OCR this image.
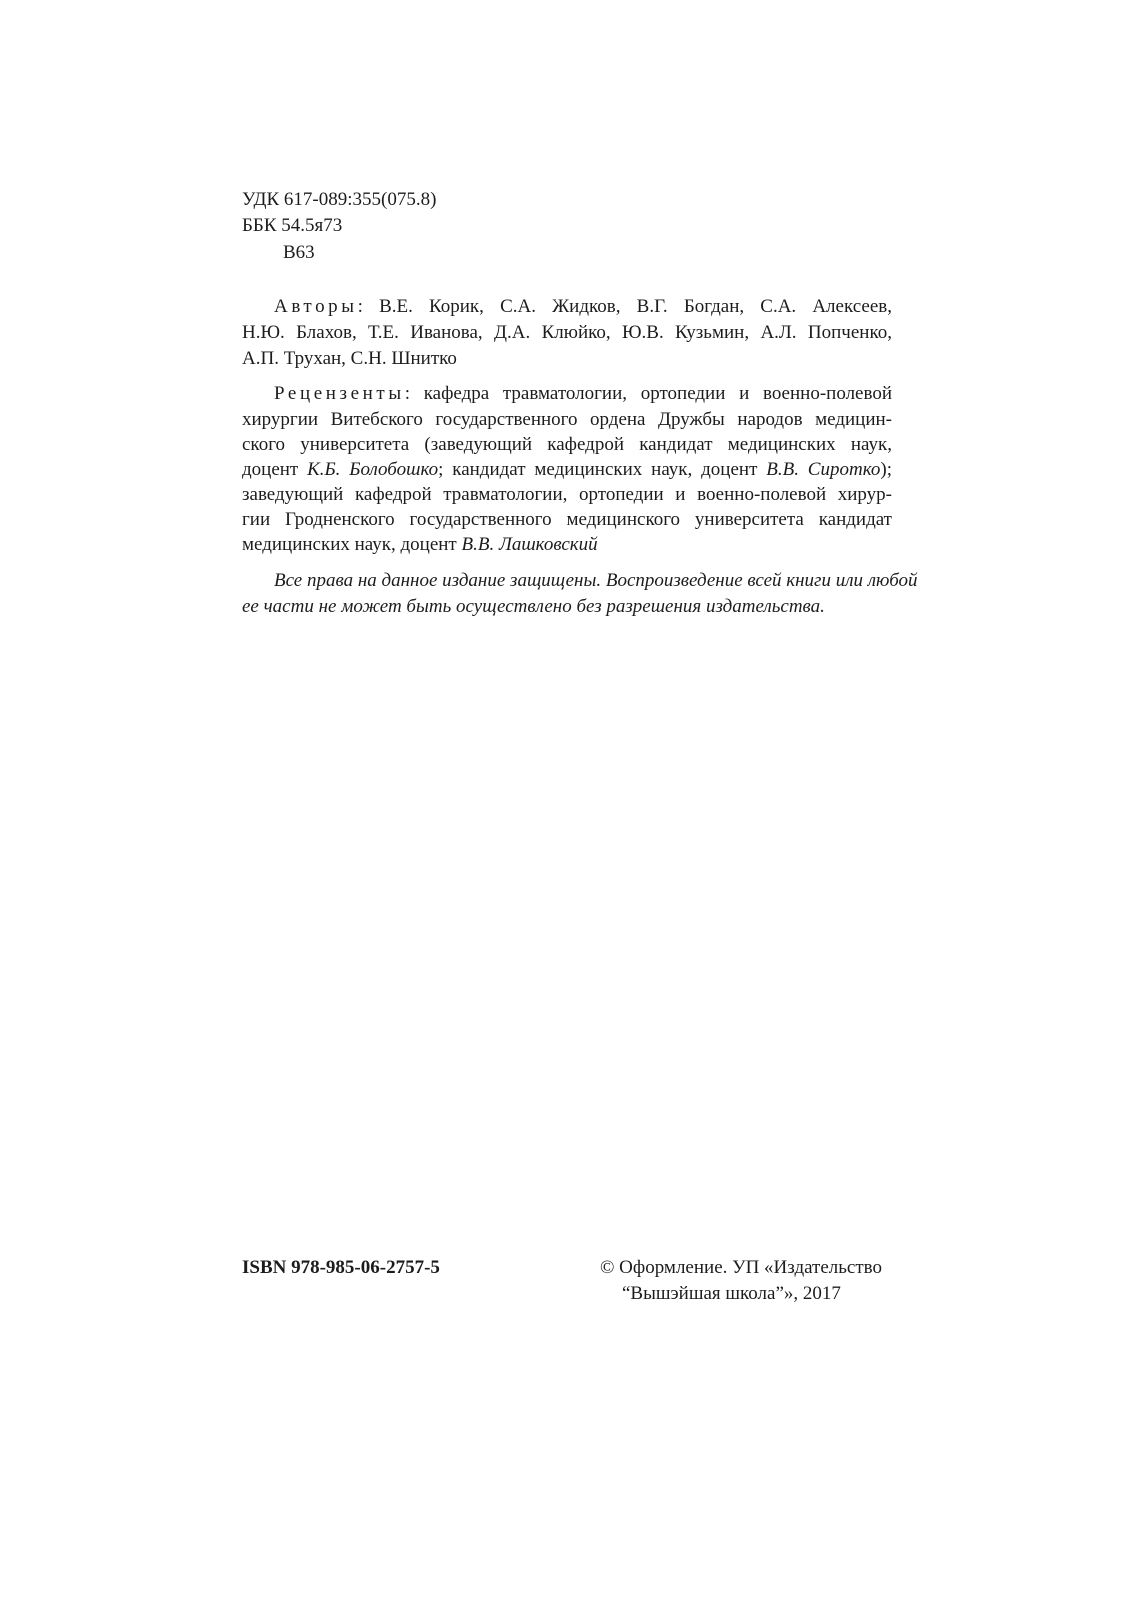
УДК 617-089:355(075.8)
ББК 54.5я73
В63
Авторы: В.Е. Корик, С.А. Жидков, В.Г. Богдан, С.А. Алексеев,
Н.Ю. Блахов, Т.Е. Иванова, Д.А. Клюйко, Ю.В. Кузьмин, А.Л. Попченко,
А.П. Трухан, С.Н. Шнитко
Рецензенты: кафедра травматологии, ортопедии и военно-полевой
хирургии Витебского государственного ордена Дружбы народов медицин-
ского университета (заведующий кафедрой кандидат медицинских наук,
доцент К.Б. Болобошко; кандидат медицинских наук, доцент В.В. Сиротко);
заведующий кафедрой травматологии, ортопедии и военно-полевой хирур-
гии Гродненского государственного медицинского университета кандидат
медицинских наук, доцент В.В. Лашковский
Все права на данное издание защищены. Воспроизведение всей книги или любой
ее части не может быть осуществлено без разрешения издательства.
ISBN 978-985-06-2757-5	© Оформление. УП «Издательство
“Вышэйшая школа”», 2017
